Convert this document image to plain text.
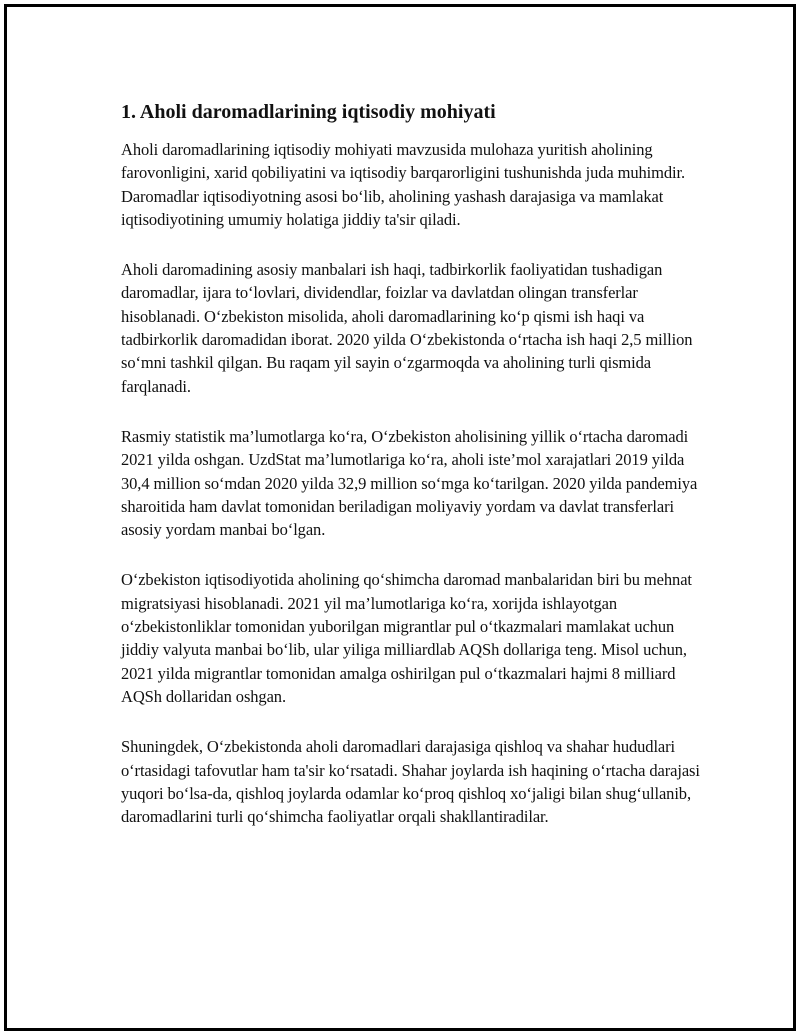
1. Aholi daromadlarining iqtisodiy mohiyati

Aholi daromadlarining iqtisodiy mohiyati mavzusida mulohaza yuritish aholining farovonligini, xarid qobiliyatini va iqtisodiy barqarorligini tushunishda juda muhimdir. Daromadlar iqtisodiyotning asosi bo‘lib, aholining yashash darajasiga va mamlakat iqtisodiyotining umumiy holatiga jiddiy ta'sir qiladi.

Aholi daromadining asosiy manbalari ish haqi, tadbirkorlik faoliyatidan tushadigan daromadlar, ijara to‘lovlari, dividendlar, foizlar va davlatdan olingan transferlar hisoblanadi. O‘zbekiston misolida, aholi daromadlarining ko‘p qismi ish haqi va tadbirkorlik daromadidan iborat. 2020 yilda O‘zbekistonda o‘rtacha ish haqi 2,5 million so‘mni tashkil qilgan. Bu raqam yil sayin o‘zgarmoqda va aholining turli qismida farqlanadi.

Rasmiy statistik ma’lumotlarga ko‘ra, O‘zbekiston aholisining yillik o‘rtacha daromadi 2021 yilda oshgan. UzdStat ma’lumotlariga ko‘ra, aholi iste’mol xarajatlari 2019 yilda 30,4 million so‘mdan 2020 yilda 32,9 million so‘mga ko‘tarilgan. 2020 yilda pandemiya sharoitida ham davlat tomonidan beriladigan moliyaviy yordam va davlat transferlari asosiy yordam manbai bo‘lgan.

O‘zbekiston iqtisodiyotida aholining qo‘shimcha daromad manbalaridan biri bu mehnat migratsiyasi hisoblanadi. 2021 yil ma’lumotlariga ko‘ra, xorijda ishlayotgan o‘zbekistonliklar tomonidan yuborilgan migrantlar pul o‘tkazmalari mamlakat uchun jiddiy valyuta manbai bo‘lib, ular yiliga milliardlab AQSh dollariga teng. Misol uchun, 2021 yilda migrantlar tomonidan amalga oshirilgan pul o‘tkazmalari hajmi 8 milliard AQSh dollaridan oshgan.

Shuningdek, O‘zbekistonda aholi daromadlari darajasiga qishloq va shahar hududlari o‘rtasidagi tafovutlar ham ta'sir ko‘rsatadi. Shahar joylarda ish haqining o‘rtacha darajasi yuqori bo‘lsa-da, qishloq joylarda odamlar ko‘proq qishloq xo‘jaligi bilan shug‘ullanib, daromadlarini turli qo‘shimcha faoliyatlar orqali shakllantiradilar.
